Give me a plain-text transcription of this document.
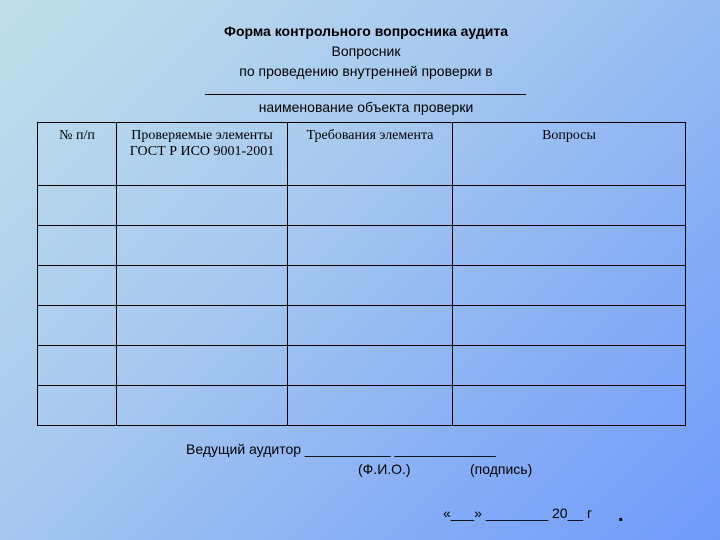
Форма контрольного вопросника аудита
Вопросник
по проведению внутренней проверки в
наименование объекта проверки
№ п/п	Проверяемые элементы ГОСТ Р ИСО 9001-2001	Требования элемента	Вопросы

Ведущий аудитор ___________ _____________
(Ф.И.О.)	(подпись)
«___» ________ 20__ г .
